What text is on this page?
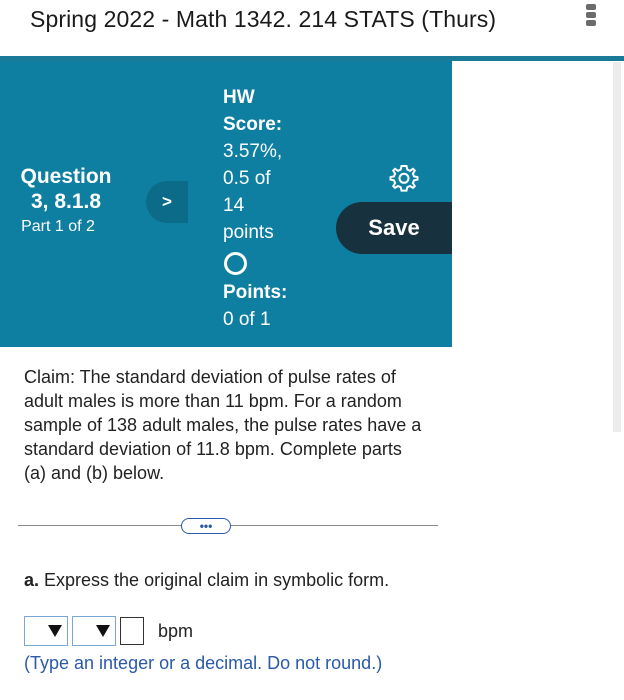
Spring 2022 - Math 1342. 214 STATS (Thurs)
Question
3, 8.1.8
Part 1 of 2
>
HW
Score:
3.57%,
0.5 of
14
points
Points:
0 of 1
Save
Claim: The standard deviation of pulse rates of adult males is more than 11 bpm. For a random sample of 138 adult males, the pulse rates have a standard deviation of 11.8 bpm. Complete parts (a) and (b) below.
•••
a. Express the original claim in symbolic form.
bpm
(Type an integer or a decimal. Do not round.)
